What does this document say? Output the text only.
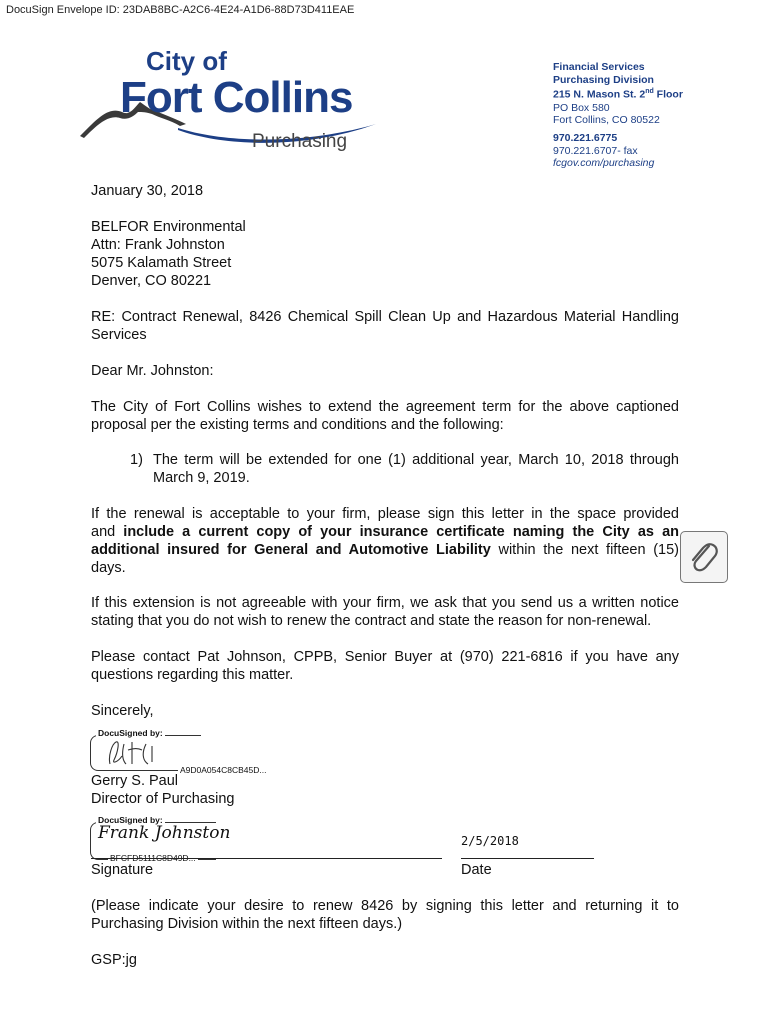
DocuSign Envelope ID: 23DAB8BC-A2C6-4E24-A1D6-88D73D411EAE
City of
Fort Collins
Purchasing
Financial Services
Purchasing Division
215 N. Mason St. 2nd Floor
PO Box 580
Fort Collins, CO 80522
970.221.6775
970.221.6707- fax
fcgov.com/purchasing
January 30, 2018
BELFOR Environmental
Attn: Frank Johnston
5075 Kalamath Street
Denver, CO 80221
RE: Contract Renewal, 8426 Chemical Spill Clean Up and Hazardous Material Handling
Services
Dear Mr. Johnston:
The City of Fort Collins wishes to extend the agreement term for the above captioned
proposal per the existing terms and conditions and the following:
1) The term will be extended for one (1) additional year, March 10, 2018 through
March 9, 2019.
If the renewal is acceptable to your firm, please sign this letter in the space provided
and include a current copy of your insurance certificate naming the City as an
additional insured for General and Automotive Liability within the next fifteen (15)
days.
If this extension is not agreeable with your firm, we ask that you send us a written notice
stating that you do not wish to renew the contract and state the reason for non-renewal.
Please contact Pat Johnson, CPPB, Senior Buyer at (970) 221-6816 if you have any
questions regarding this matter.
Sincerely,
DocuSigned by:
A9D0A054C8CB45D...
Gerry S. Paul
Director of Purchasing
DocuSigned by:
Frank Johnston
BFCFD5111C8D49D...
2/5/2018
Signature	Date
(Please indicate your desire to renew 8426 by signing this letter and returning it to
Purchasing Division within the next fifteen days.)
GSP:jg
